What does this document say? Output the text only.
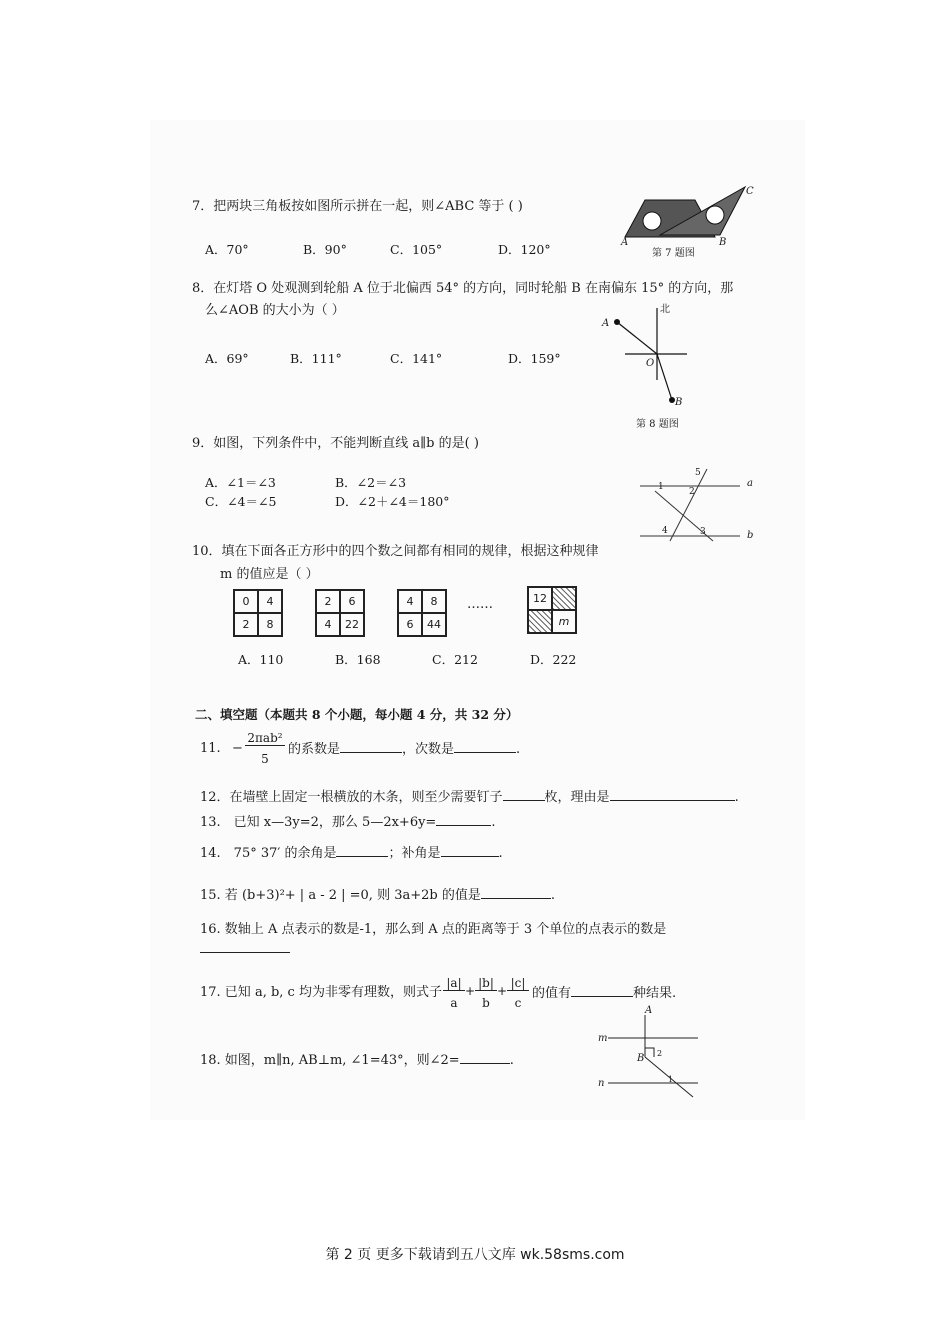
7．把两块三角板按如图所示拼在一起，则∠ABC 等于 ( )
A．70°	B．90°	C．105°	D．120°	A	B
C
第 7 题图
8．在灯塔 O 处观测到轮船 A 位于北偏西 54° 的方向，同时轮船 B 在南偏东 15° 的方向，那
么∠AOB 的大小为（ ）
A．69°	B．111°	C．141°	D．159°
北
A
O
B
第 8 题图
9．如图，下列条件中，不能判断直线 a∥b 的是( )
A．∠1＝∠3	B．∠2＝∠3
C．∠4＝∠5	D．∠2＋∠4＝180°
a
b
1	2
3
4
5
10．填在下面各正方形中的四个数之间都有相同的规律，根据这种规律
m 的值应是（ ）
0	4
2	8
2	6
4	22
4	8
6	44
……	12
m
A．110	B．168	C．212	D．222
二、填空题（本题共 8 个小题，每小题 4 分，共 32 分）
11. −
2πab²
5
的系数是	，次数是	.
12．在墙壁上固定一根横放的木条，则至少需要钉子	枚，理由是	.
13.　已知 x—3y=2，那么 5—2x+6y=	.
14.　75° 37′ 的余角是	；补角是	.
15. 若 (b+3)²+ | a - 2 | =0, 则 3a+2b 的值是	.
16. 数轴上 A 点表示的数是-1，那么到 A 点的距离等于 3 个单位的点表示的数是
17. 已知 a, b, c 均为非零有理数，则式子
|a|
a
+
|b|
b
+
|c|
c
的值有	种结果.
18. 如图，m∥n, AB⊥m, ∠1=43°，则∠2=	.
A
B
m
n	1
2
第 2 页 更多下载请到五八文库 wk.58sms.com
